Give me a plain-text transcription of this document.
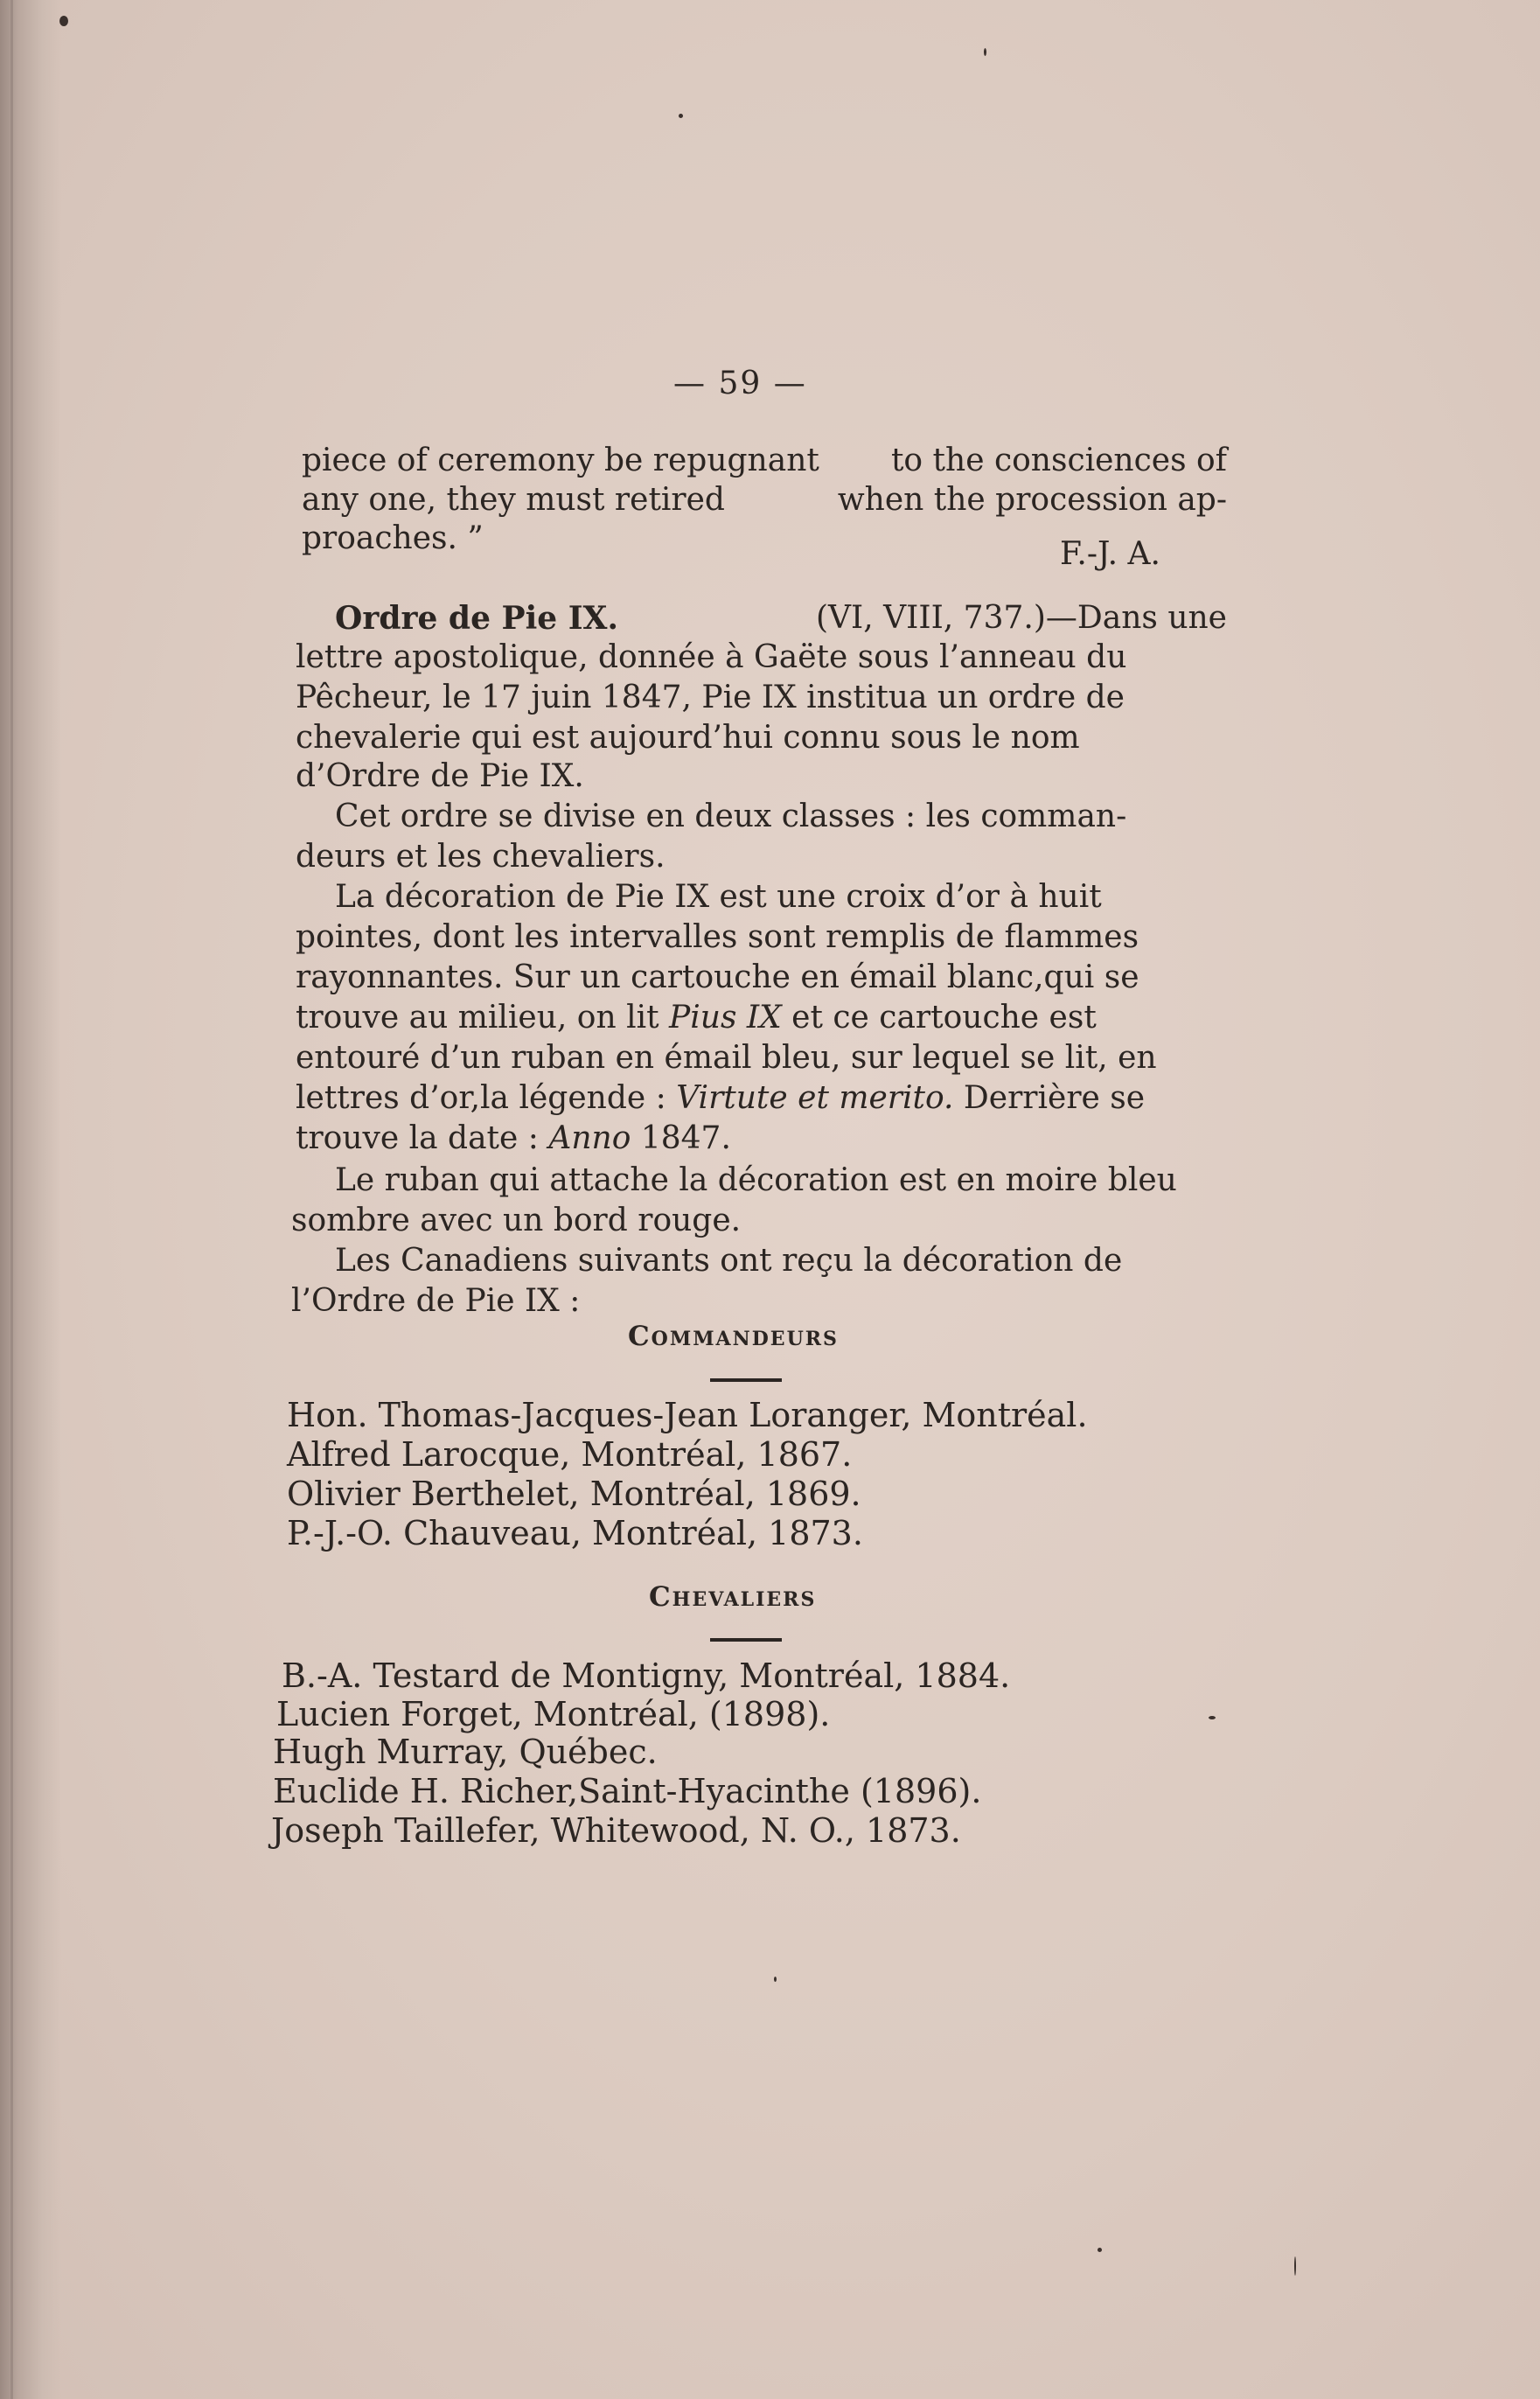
— 59 —
piece of ceremony be repugnant to the consciences of
any one, they must retired	when the procession ap-
proaches. ”	F.-J. A.
Ordre de Pie IX.	(VI, VIII, 737.)—Dans une
lettre apostolique, donnée à Gaëte sous l’anneau du
Pêcheur, le 17 juin 1847, Pie IX institua un ordre de
chevalerie qui est aujourd’hui connu sous le nom
d’Ordre de Pie IX.
Cet ordre se divise en deux classes : les comman-
deurs et les chevaliers.
La décoration de Pie IX est une croix d’or à huit
pointes, dont les intervalles sont remplis de flammes
rayonnantes. Sur un cartouche en émail blanc,qui se
trouve au milieu, on lit Pius IX et ce cartouche est
entouré d’un ruban en émail bleu, sur lequel se lit, en
lettres d’or,la légende : Virtute et merito. Derrière se
trouve la date : Anno 1847.
Le ruban qui attache la décoration est en moire bleu
sombre avec un bord rouge.
Les Canadiens suivants ont reçu la décoration de
l’Ordre de Pie IX :
Commandeurs
Hon. Thomas-Jacques-Jean Loranger, Montréal.
Alfred Larocque, Montréal, 1867.
Olivier Berthelet, Montréal, 1869.
P.-J.-O. Chauveau, Montréal, 1873.
Chevaliers
B.-A. Testard de Montigny, Montréal, 1884.
Lucien Forget, Montréal, (1898).
Hugh Murray, Québec.
Euclide H. Richer,Saint-Hyacinthe (1896).
Joseph Taillefer, Whitewood, N. O., 1873.
